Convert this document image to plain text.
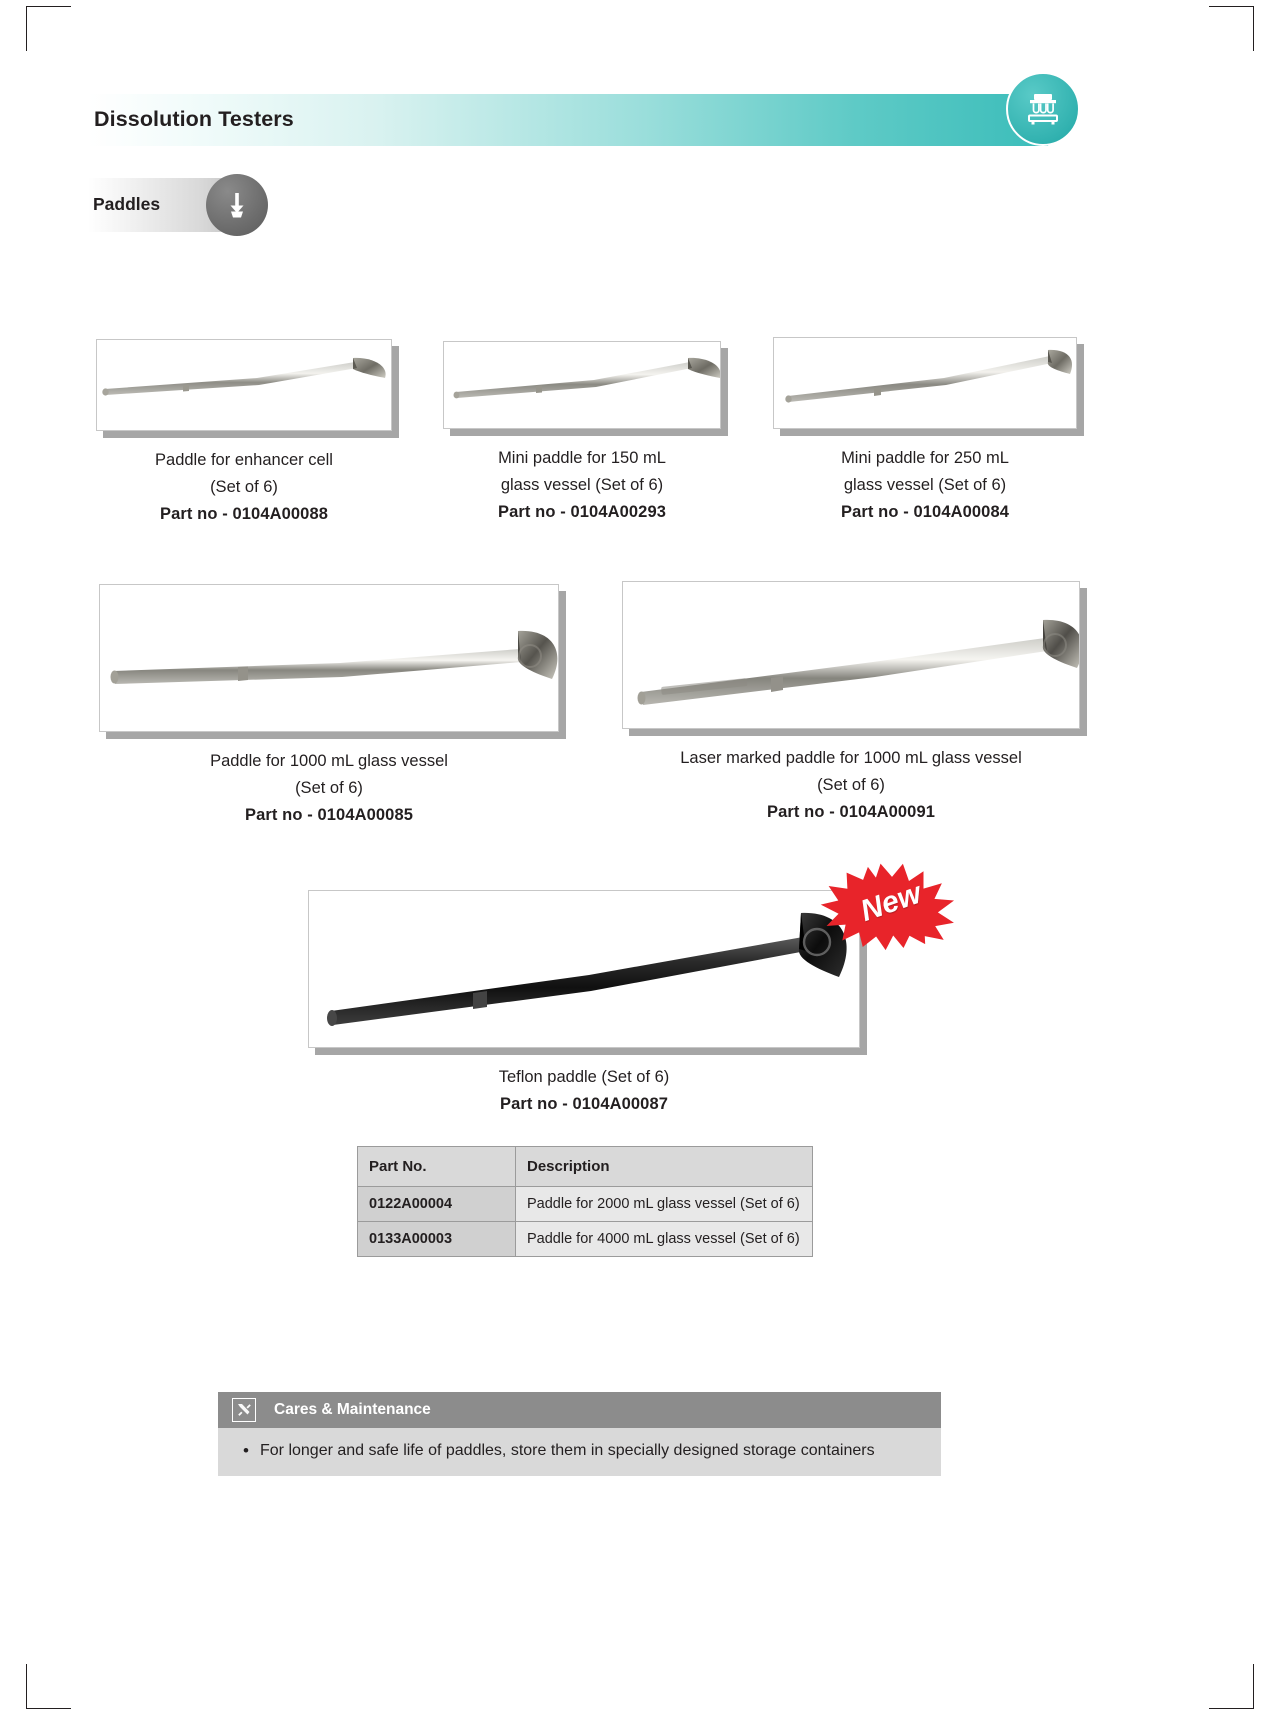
Dissolution Testers
Paddles
Paddle for enhancer cell
(Set of 6)
Part no - 0104A00088
Mini paddle for 150 mL
glass vessel (Set of 6)
Part no - 0104A00293
Mini paddle for 250 mL
glass vessel (Set of 6)
Part no - 0104A00084
Paddle for 1000 mL glass vessel
(Set of 6)
Part no - 0104A00085
Laser marked paddle for 1000 mL glass vessel
(Set of 6)
Part no - 0104A00091
Teflon paddle (Set of 6)
Part no - 0104A00087
New
Part No.	Description
0122A00004	Paddle for 2000 mL glass vessel (Set of 6)
0133A00003	Paddle for 4000 mL glass vessel (Set of 6)
Cares & Maintenance
• For longer and safe life of paddles, store them in specially designed storage containers
